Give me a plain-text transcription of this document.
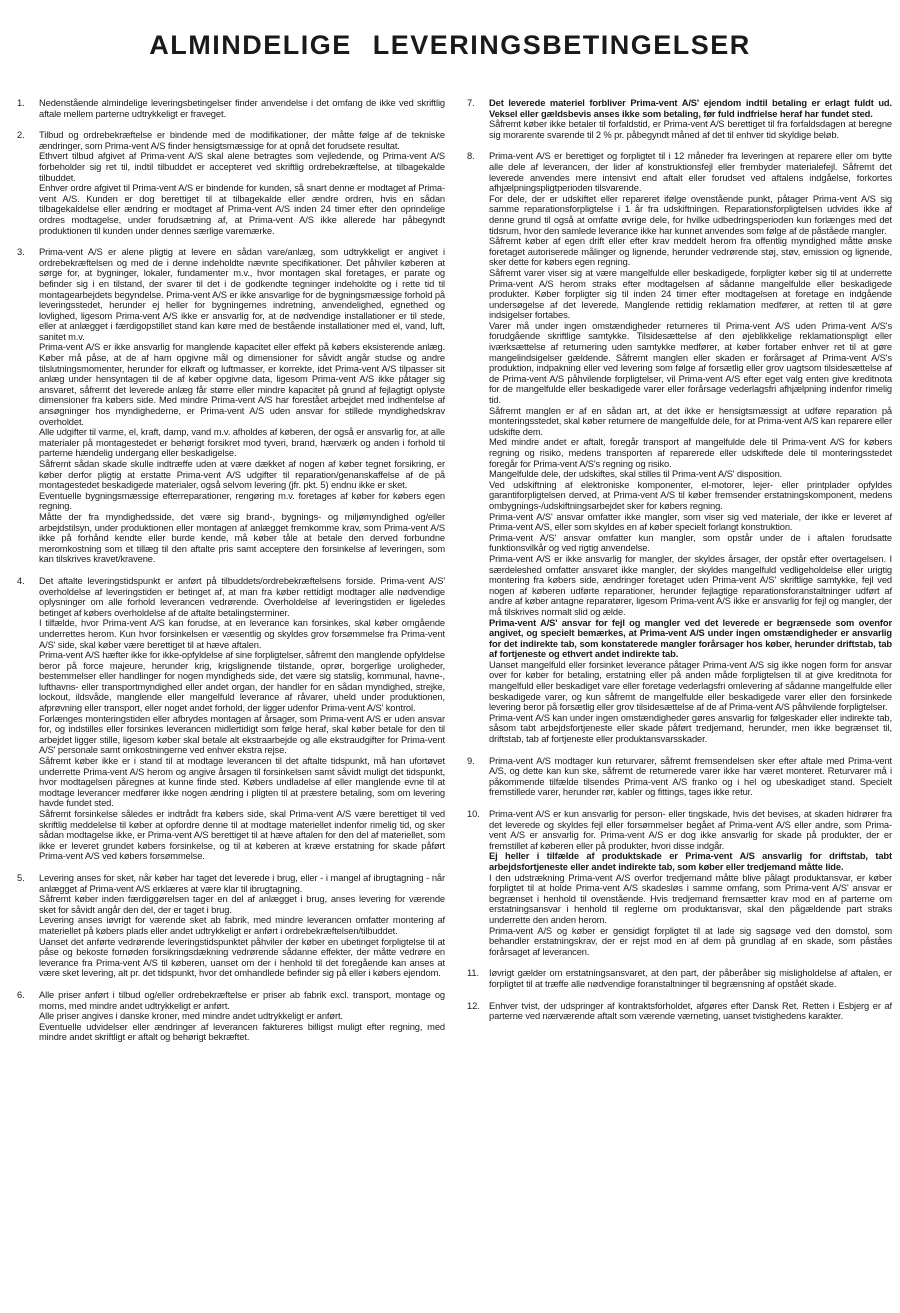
ALMINDELIGE LEVERINGSBETINGELSER
1.	Nedenstående almindelige leveringsbetingelser finder anvendelse i det omfang de ikke ved skriftlig aftale mellem parterne udtrykkeligt er fraveget.

2.	Tilbud og ordrebekræftelse er bindende med de modifikationer, der måtte følge af de tekniske ændringer, som Prima-vent A/S finder hensigtsmæssige for at opnå det forudsete resultat.

Ethvert tilbud afgivet af Prima-vent A/S skal alene betragtes som vejledende, og Prima-vent A/S forbeholder sig ret til, indtil tilbuddet er accepteret ved skriftlig ordrebekræftelse, at tilbagekalde tilbuddet.

Enhver ordre afgivet til Prima-vent A/S er bindende for kunden, så snart denne er modtaget af Prima-vent A/S. Kunden er dog berettiget til at tilbagekalde eller ændre ordren, hvis en sådan tilbagekaldelse eller ændring er modtaget af Prima-vent A/S inden 24 timer efter den oprindelige ordres modtagelse, under forudsætning af, at Prima-vent A/S ikke allerede har påbegyndt produktionen til kunden under dennes særlige varemærke.

3.	Prima-vent A/S er alene pligtig at levere en sådan vare/anlæg, som udtrykkeligt er angivet i ordrebekræftelsen og med de i denne indeholdte nævnte specifikationer. Det påhviler køberen at sørge for, at bygninger, lokaler, fundamenter m.v., hvor montagen skal foretages, er parate og befinder sig i en tilstand, der svarer til det i de godkendte tegninger indeholdte og i rette tid til montagearbejdets begyndelse. Prima-vent A/S er ikke ansvarlige for de bygningsmæssige forhold på leveringsstedet, herunder ej heller for bygningernes indretning, anvendelighed, egnethed og lovlighed, ligesom Prima-vent A/S ikke er ansvarlig for, at de nødvendige installationer er til stede, eller at anlægget i færdigopstillet stand kan køre med de bestående installationer med el, vand, luft, sanitet m.v.

Prima-vent A/S er ikke ansvarlig for manglende kapacitet eller effekt på købers eksisterende anlæg. Køber må påse, at de af ham opgivne mål og dimensioner for såvidt angår studse og andre tilslutningsmomenter, herunder for elkraft og luftmasser, er korrekte, idet Prima-vent A/S tilpasser sit anlæg under hensyntagen til de af køber opgivne data, ligesom Prima-vent A/S ikke påtager sig ansvaret, såfremt det leverede anlæg får større eller mindre kapacitet på grund af fejlagtigt oplyste dimensioner fra købers side. Med mindre Prima-vent A/S har forestået arbejdet med indhentelse af ansøgninger hos myndighederne, er Prima-vent A/S uden ansvar for stillede myndighedskrav overholdet.

Alle udgifter til varme, el, kraft, damp, vand m.v. afholdes af køberen, der også er ansvarlig for, at alle materialer på montagestedet er behørigt forsikret mod tyveri, brand, hærværk og anden i forhold til parterne hændelig undergang eller beskadigelse.

Såfremt sådan skade skulle indtræffe uden at være dækket af nogen af køber tegnet forsikring, er køber derfor pligtig at erstatte Prima-vent A/S udgifter til reparation/genanskaffelse af de på montagestedet beskadigede materialer, også selvom levering (jfr. pkt. 5) endnu ikke er sket.

Eventuelle bygningsmæssige efterreparationer, rengøring m.v. foretages af køber for købers egen regning.

Måtte der fra myndighedsside, det være sig brand-, bygnings- og miljømyndighed og/eller arbejdstilsyn, under produktionen eller montagen af anlægget fremkomme krav, som Prima-vent A/S ikke på forhånd kendte eller burde kende, må køber tåle at betale den derved forbundne meromkostning som et tillæg til den aftalte pris samt acceptere den forsinkelse af leveringen, som kan tilskrives kravet/kravene.

4.	Det aftalte leveringstidspunkt er anført på tilbuddets/ordrebekræftelsens forside. Prima-vent A/S' overholdelse af leveringstiden er betinget af, at man fra køber rettidigt modtager alle nødvendige oplysninger om alle forhold leverancen vedrørende. Overholdelse af leveringstiden er ligeledes betinget af købers overholdelse af de aftalte betalingsterminer.

I tilfælde, hvor Prima-vent A/S kan forudse, at en leverance kan forsinkes, skal køber omgående underrettes herom. Kun hvor forsinkelsen er væsentlig og skyldes grov forsømmelse fra Prima-vent A/S' side, skal køber være berettiget til at hæve aftalen.

Prima-vent A/S hæfter ikke for ikke-opfyldelse af sine forpligtelser, såfremt den manglende opfyldelse beror på force majeure, herunder krig, krigslignende tilstande, oprør, borgerlige uroligheder, bestemmelser eller handlinger for nogen myndigheds side, det være sig statslig, kommunal, havne-, lufthavns- eller transportmyndighed eller andet organ, der handler for en sådan myndighed, strejke, lockout, ildsvåde, manglende eller mangelfuld leverance af råvarer, uheld under produktionen, afprøvning eller transport, eller noget andet forhold, der ligger udenfor Prima-vent A/S' kontrol.

Forlænges monteringstiden eller afbrydes montagen af årsager, som Prima-vent A/S er uden ansvar for, og indstilles eller forsinkes leverancen midlertidigt som følge heraf, skal køber betale for den til arbejdet ligger stille, ligesom køber skal betale alt ekstraarbejde og alle ekstraudgifter for Prima-vent A/S' personale samt omkostningerne ved enhver ekstra rejse.

Såfremt køber ikke er i stand til at modtage leverancen til det aftalte tidspunkt, må han ufortøvet underrette Prima-vent A/S herom og angive årsagen til forsinkelsen samt såvidt muligt det tidspunkt, hvor modtagelsen påregnes at kunne finde sted. Købers undladelse af eller manglende evne til at modtage leverancer medfører ikke nogen ændring i pligten til at præstere betaling, som om levering havde fundet sted.

Såfremt forsinkelse således er indtrådt fra købers side, skal Prima-vent A/S være berettiget til ved skriftlig meddelelse til køber at opfordre denne til at modtage materiellet indenfor rimelig tid, og sker sådan modtagelse ikke, er Prima-vent A/S berettiget til at hæve aftalen for den del af materiellet, som ikke er leveret grundet købers forsinkelse, og til at køberen at kræve erstatning for skade påført Prima-vent A/S ved købers forsømmelse.

5.	Levering anses for sket, når køber har taget det leverede i brug, eller - i mangel af ibrugtagning - når anlægget af Prima-vent A/S erklæres at være klar til ibrugtagning.

Såfremt køber inden færdiggørelsen tager en del af anlægget i brug, anses levering for værende sket for såvidt angår den del, der er taget i brug.

Levering anses iøvrigt for værende sket ab fabrik, med mindre leverancen omfatter montering af materiellet på købers plads eller andet udtrykkeligt er anført i ordrebekræftelsen/tilbuddet.

Uanset det anførte vedrørende leveringstidspunktet påhviler der køber en ubetinget forpligtelse til at påse og bekoste fornøden forsikringsdækning vedrørende sådanne effekter, der måtte vedrøre en leverance fra Prima-vent A/S til køberen, uanset om der i henhold til det foregående kan anses at være sket levering, alt pr. det tidspunkt, hvor det omhandlede befinder sig på eller i købers ejendom.

6.	Alle priser anført i tilbud og/eller ordrebekræftelse er priser ab fabrik excl. transport, montage og moms, med mindre andet udtrykkeligt er anført.

Alle priser angives i danske kroner, med mindre andet udtrykkeligt er anført.

Eventuelle udvidelser eller ændringer af leverancen faktureres billigst muligt efter regning, med mindre andet skriftligt er aftalt og behørigt bekræftet.

7.	Det leverede materiel forbliver Prima-vent A/S' ejendom indtil betaling er erlagt fuldt ud. Veksel eller gældsbevis anses ikke som betaling, før fuld indfrielse heraf har fundet sted.

Såfremt køber ikke betaler til forfaldstid, er Prima-vent A/S berettiget til fra forfaldsdagen at beregne sig morarente svarende til 2 % pr. påbegyndt måned af det til enhver tid skyldige beløb.

8.	Prima-vent A/S er berettiget og forpligtet til i 12 måneder fra leveringen at reparere eller om bytte alle dele af leverancen, der lider af konstruktionsfejl eller frembyder materialefejl. Såfremt det leverede anvendes mere intensivt end aftalt eller forudset ved aftalens indgåelse, forkortes afhjælpningspligtperioden tilsvarende.

For dele, der er udskiftet eller repareret ifølge ovenstående punkt, påtager Prima-vent A/S sig samme reparationsforpligtelse i 1 år fra udskiftningen. Reparationsforpligtelsen udvides ikke af denne grund til også at omfatte øvrige dele, for hvilke udbedringsperioden kun forlænges med det tidsrum, hvor den samlede leverance ikke har kunnet anvendes som følge af de påståede mangler.

Såfremt køber af egen drift eller efter krav meddelt herom fra offentlig myndighed måtte ønske foretaget autoriserede målinger og lignende, herunder vedrørende støj, støv, emission og lignende, sker dette for købers egen regning.

Såfremt varer viser sig at være mangelfulde eller beskadigede, forpligter køber sig til at underrette Prima-vent A/S herom straks efter modtagelsen af sådanne mangelfulde eller beskadigede produkter. Køber forpligter sig til inden 24 timer efter modtagelsen at foretage en indgående undersøgelse af det leverede. Manglende rettidig reklamation medfører, at retten til at gøre indsigelser fortabes.

Varer må under ingen omstændigheder returneres til Prima-vent A/S uden Prima-vent A/S's forudgående skriftlige samtykke. Tilsidesættelse af den øjeblikkelige reklamationspligt eller iværksættelse af returnering uden samtykke medfører, at køber fortaber enhver ret til at gøre mangelindsigelser gældende. Såfremt manglen eller skaden er forårsaget af Prima-vent A/S's produktion, indpakning eller ved levering som følge af forsætlig eller grov uagtsom tilsidesættelse af de Prima-vent A/S påhvilende forpligtelser, vil Prima-vent A/S efter eget valg enten give kreditnota for de mangelfulde eller beskadigede varer eller forårsage vederlagsfri afhjælpning indenfor rimelig tid.

Såfremt manglen er af en sådan art, at det ikke er hensigtsmæssigt at udføre reparation på monteringsstedet, skal køber returnere de mangelfulde dele, for at Prima-vent A/S kan reparere eller udskifte dem.

Med mindre andet er aftalt, foregår transport af mangelfulde dele til Prima-vent A/S for købers regning og risiko, medens transporten af reparerede eller udskiftede dele til monteringsstedet foregår for Prima-vent A/S's regning og risiko.

Mangelfulde dele, der udskiftes, skal stilles til Prima-vent A/S' disposition.

Ved udskiftning af elektroniske komponenter, el-motorer, lejer- eller printplader opfyldes garantiforpligtelsen derved, at Prima-vent A/S til køber fremsender erstatningskomponent, medens ombygnings-/udskiftningsarbejdet sker for købers regning.

Prima-vent A/S' ansvar omfatter ikke mangler, som viser sig ved materiale, der ikke er leveret af Prima-vent A/S, eller som skyldes en af køber specielt forlangt konstruktion.

Prima-vent A/S' ansvar omfatter kun mangler, som opstår under de i aftalen forudsatte funktionsvilkår og ved rigtig anvendelse.

Prima-vent A/S er ikke ansvarlig for mangler, der skyldes årsager, der opstår efter overtagelsen. I særdeleshed omfatter ansvaret ikke mangler, der skyldes mangelfuld vedligeholdelse eller urigtig montering fra købers side, ændringer foretaget uden Prima-vent A/S' skriftlige samtykke, fejl ved nogen af køberen udførte reparationer, herunder fejlagtige reparationsforanstaltninger udført af andre af køber antagne reparatører, ligesom Prima-vent A/S ikke er ansvarlig for fejl og mangler, der må tilskrives normalt slid og ælde.

Prima-vent A/S' ansvar for fejl og mangler ved det leverede er begrænsede som ovenfor angivet, og specielt bemærkes, at Prima-vent A/S under ingen omstændigheder er ansvarlig for det indirekte tab, som konstaterede mangler forårsager hos køber, herunder driftstab, tab af fortjeneste og ethvert andet indirekte tab.

Uanset mangelfuld eller forsinket leverance påtager Prima-vent A/S sig ikke nogen form for ansvar over for køber for betaling, erstatning eller på anden måde forpligtelsen til at give kreditnota for mangelfuld eller beskadiget vare eller foretage vederlagsfri omlevering af sådanne mangelfulde eller beskadigede varer, og kun såfremt de mangelfulde eller beskadigede varer eller den forsinkede levering beror på forsætlig eller grov tilsidesættelse af de af Prima-vent A/S påhvilende forpligtelser.

Prima-vent A/S kan under ingen omstændigheder gøres ansvarlig for følgeskader eller indirekte tab, såsom tabt arbejdsfortjeneste eller skade påført tredjemand, herunder, men ikke begrænset til, driftstab, tab af fortjeneste eller produktansvarsskader.

9.	Prima-vent A/S modtager kun returvarer, såfremt fremsendelsen sker efter aftale med Prima-vent A/S, og dette kan kun ske, såfremt de returnerede varer ikke har været monteret. Returvarer må i påkommende tilfælde tilsendes Prima-vent A/S franko og i hel og ubeskadiget stand. Specielt fremstillede varer, herunder rør, kabler og fittings, tages ikke retur.

10.	Prima-vent A/S er kun ansvarlig for person- eller tingskade, hvis det bevises, at skaden hidrører fra det leverede og skyldes fejl eller forsømmelser begået af Prima-vent A/S eller andre, som Prima-vent A/S er ansvarlig for. Prima-vent A/S er dog ikke ansvarlig for skade på produkter, der er fremstillet af køberen eller på produkter, hvori disse indgår.

Ej heller i tilfælde af produktskade er Prima-vent A/S ansvarlig for driftstab, tabt arbejdsfortjeneste eller andet indirekte tab, som køber eller tredjemand måtte lide.

I den udstrækning Prima-vent A/S overfor tredjemand måtte blive pålagt produktansvar, er køber forpligtet til at holde Prima-vent A/S skadesløs i samme omfang, som Prima-vent A/S' ansvar er begrænset i henhold til ovenstående. Hvis tredjemand fremsætter krav mod en af parterne om erstatningsansvar i henhold til reglerne om produktansvar, skal den pågældende part straks underrette den anden herom.

Prima-vent A/S og køber er gensidigt forpligtet til at lade sig sagsøge ved den domstol, som behandler erstatningskrav, der er rejst mod en af dem på grundlag af en skade, som påståes forårsaget af leverancen.

11.	Iøvrigt gælder om erstatningsansvaret, at den part, der påberåber sig misligholdelse af aftalen, er forpligtet til at træffe alle nødvendige foranstaltninger til begrænsning af opståét skade.

12.	Enhver tvist, der udspringer af kontraktsforholdet, afgøres efter Dansk Ret. Retten i Esbjerg er af parterne ved nærværende aftalt som værende værneting, uanset tvistighedens karakter.
